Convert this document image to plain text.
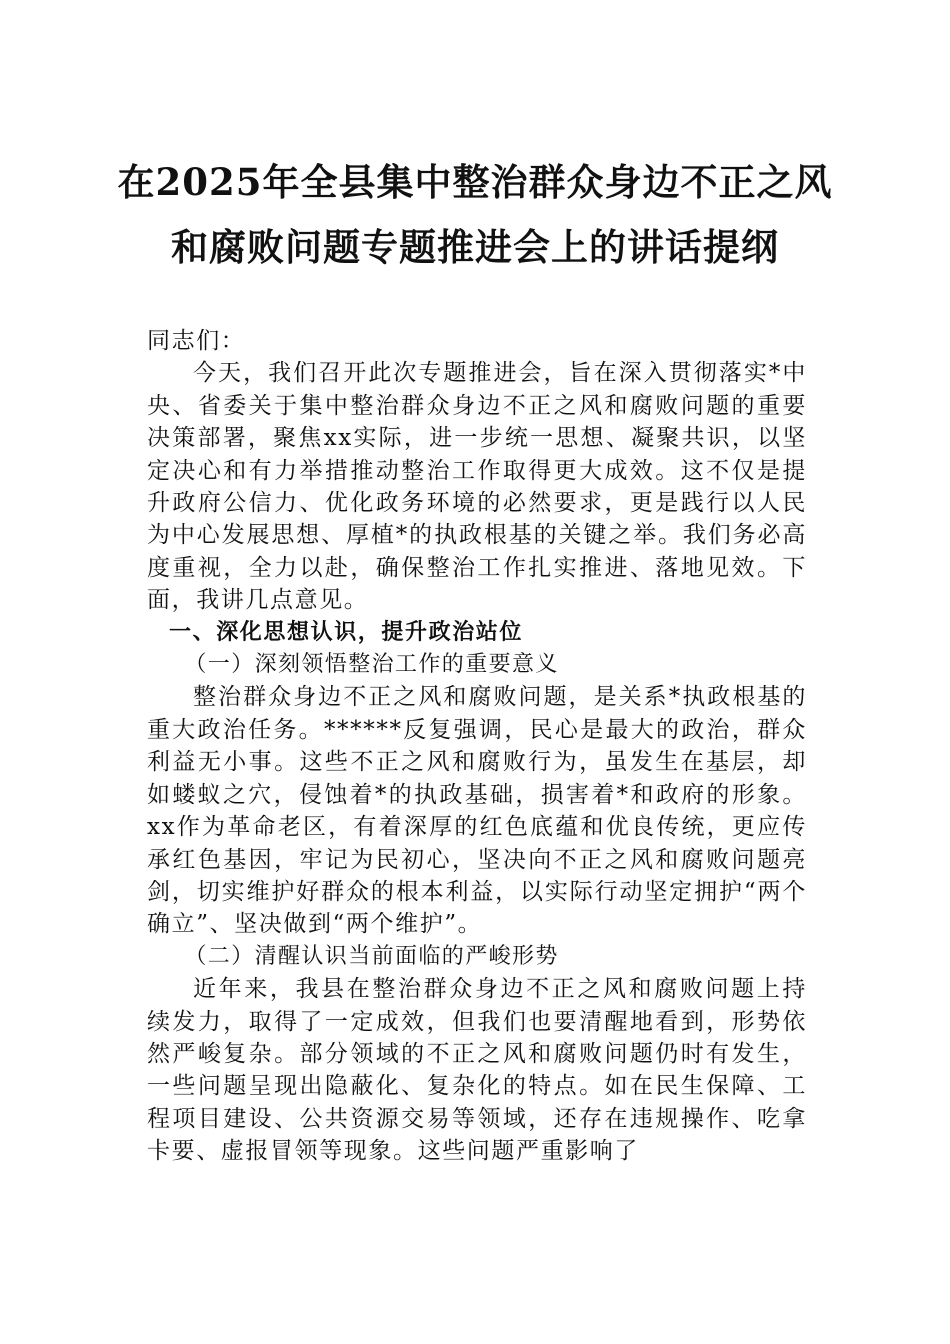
在2025年全县集中整治群众身边不正之风
和腐败问题专题推进会上的讲话提纲

同志们：

今天，我们召开此次专题推进会，旨在深入贯彻落实*中央、省委关于集中整治群众身边不正之风和腐败问题的重要决策部署，聚焦xx实际，进一步统一思想、凝聚共识，以坚定决心和有力举措推动整治工作取得更大成效。这不仅是提升政府公信力、优化政务环境的必然要求，更是践行以人民为中心发展思想、厚植*的执政根基的关键之举。我们务必高度重视，全力以赴，确保整治工作扎实推进、落地见效。下面，我讲几点意见。

一、深化思想认识，提升政治站位

（一）深刻领悟整治工作的重要意义

整治群众身边不正之风和腐败问题，是关系*执政根基的重大政治任务。******反复强调，民心是最大的政治，群众利益无小事。这些不正之风和腐败行为，虽发生在基层，却如蝼蚁之穴，侵蚀着*的执政基础，损害着*和政府的形象。xx作为革命老区，有着深厚的红色底蕴和优良传统，更应传承红色基因，牢记为民初心，坚决向不正之风和腐败问题亮剑，切实维护好群众的根本利益，以实际行动坚定拥护“两个确立”、坚决做到“两个维护”。

（二）清醒认识当前面临的严峻形势

近年来，我县在整治群众身边不正之风和腐败问题上持续发力，取得了一定成效，但我们也要清醒地看到，形势依然严峻复杂。部分领域的不正之风和腐败问题仍时有发生，一些问题呈现出隐蔽化、复杂化的特点。如在民生保障、工程项目建设、公共资源交易等领域，还存在违规操作、吃拿卡要、虚报冒领等现象。这些问题严重影响了
